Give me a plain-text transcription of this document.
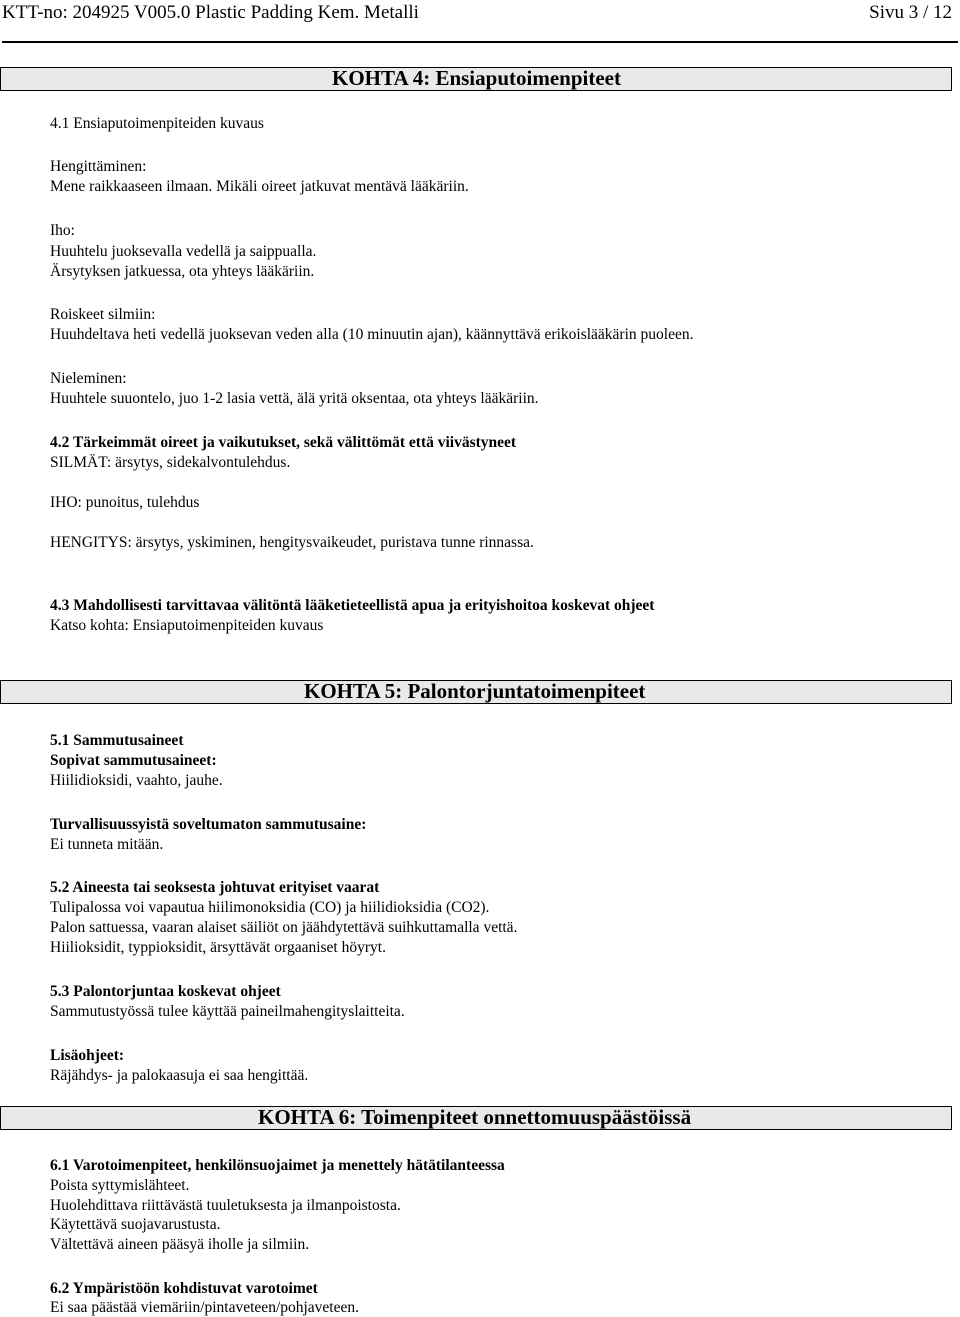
KTT-no: 204925 V005.0 Plastic Padding Kem. Metalli	Sivu 3 / 12
KOHTA 4: Ensiaputoimenpiteet
4.1 Ensiaputoimenpiteiden kuvaus
Hengittäminen:
Mene raikkaaseen ilmaan. Mikäli oireet jatkuvat mentävä lääkäriin.
Iho:
Huuhtelu juoksevalla vedellä ja saippualla.
Ärsytyksen jatkuessa, ota yhteys lääkäriin.
Roiskeet silmiin:
Huuhdeltava heti vedellä juoksevan veden alla (10 minuutin ajan), käännyttävä erikoislääkärin puoleen.
Nieleminen:
Huuhtele suuontelo, juo 1-2 lasia vettä, älä yritä oksentaa, ota yhteys lääkäriin.
4.2 Tärkeimmät oireet ja vaikutukset, sekä välittömät että viivästyneet
SILMÄT: ärsytys, sidekalvontulehdus.
IHO: punoitus, tulehdus
HENGITYS: ärsytys, yskiminen, hengitysvaikeudet, puristava tunne rinnassa.
4.3 Mahdollisesti tarvittavaa välitöntä lääketieteellistä apua ja erityishoitoa koskevat ohjeet
Katso kohta: Ensiaputoimenpiteiden kuvaus
KOHTA 5: Palontorjuntatoimenpiteet
5.1 Sammutusaineet
Sopivat sammutusaineet:
Hiilidioksidi, vaahto, jauhe.
Turvallisuussyistä soveltumaton sammutusaine:
Ei tunneta mitään.
5.2 Aineesta tai seoksesta johtuvat erityiset vaarat
Tulipalossa voi vapautua hiilimonoksidia (CO) ja hiilidioksidia (CO2).
Palon sattuessa, vaaran alaiset säiliöt on jäähdytettävä suihkuttamalla vettä.
Hiilioksidit, typpioksidit, ärsyttävät orgaaniset höyryt.
5.3 Palontorjuntaa koskevat ohjeet
Sammutustyössä tulee käyttää paineilmahengityslaitteita.
Lisäohjeet:
Räjähdys- ja palokaasuja ei saa hengittää.
KOHTA 6: Toimenpiteet onnettomuuspäästöissä
6.1 Varotoimenpiteet, henkilönsuojaimet ja menettely hätätilanteessa
Poista syttymislähteet.
Huolehdittava riittävästä tuuletuksesta ja ilmanpoistosta.
Käytettävä suojavarustusta.
Vältettävä aineen pääsyä iholle ja silmiin.
6.2 Ympäristöön kohdistuvat varotoimet
Ei saa päästää viemäriin/pintaveteen/pohjaveteen.
